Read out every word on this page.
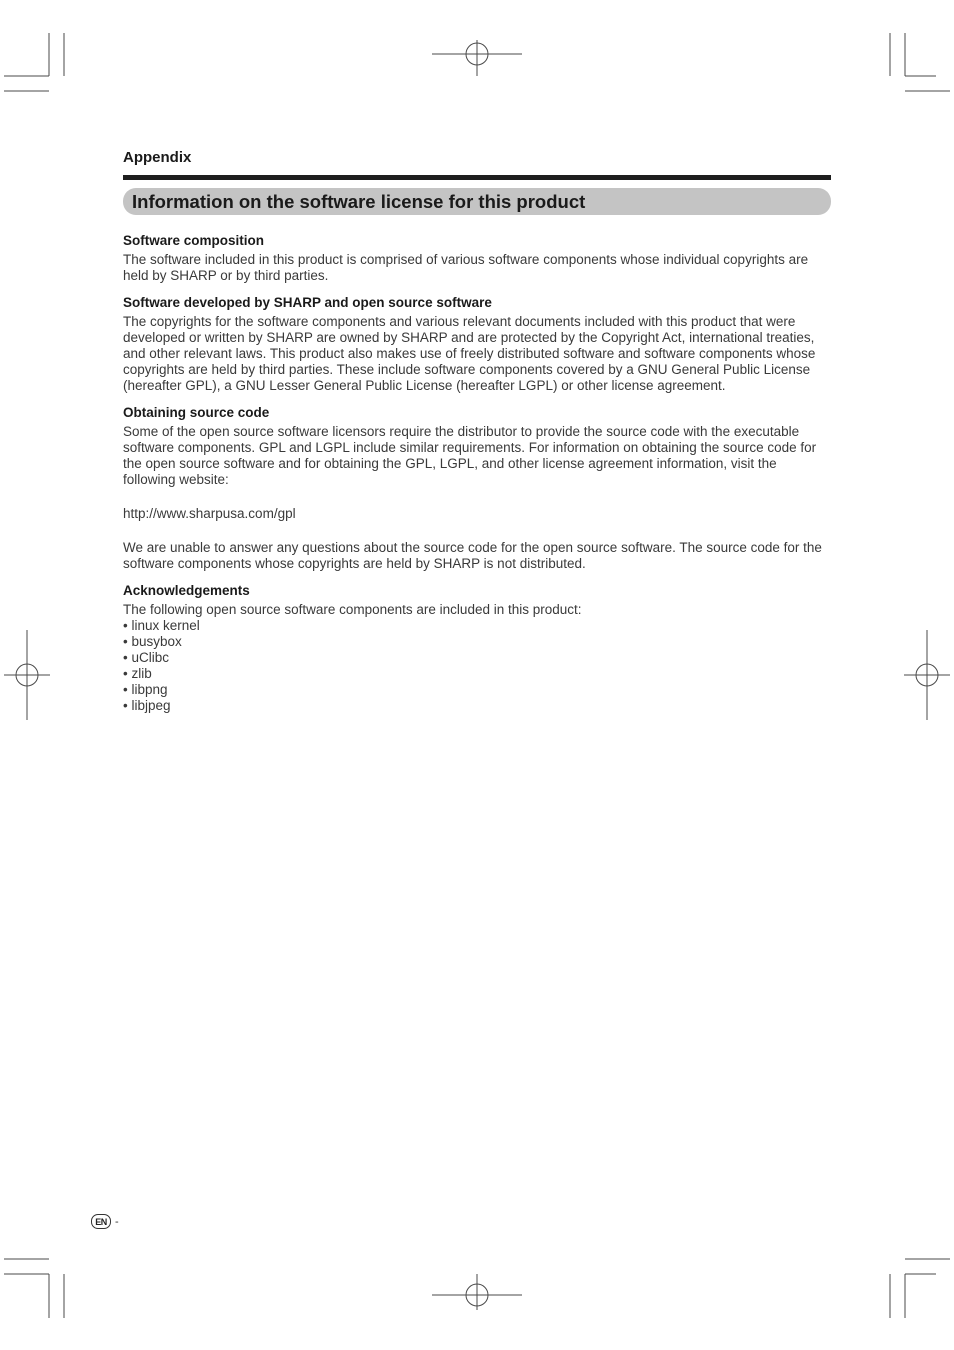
Appendix

Information on the software license for this product

Software composition

The software included in this product is comprised of various software components whose individual copyrights are held by SHARP or by third parties.

Software developed by SHARP and open source software

The copyrights for the software components and various relevant documents included with this product that were developed or written by SHARP are owned by SHARP and are protected by the Copyright Act, international treaties, and other relevant laws. This product also makes use of freely distributed software and software components whose copyrights are held by third parties. These include software components covered by a GNU General Public License (hereafter GPL), a GNU Lesser General Public License (hereafter LGPL) or other license agreement.

Obtaining source code

Some of the open source software licensors require the distributor to provide the source code with the executable software components. GPL and LGPL include similar requirements. For information on obtaining the source code for the open source software and for obtaining the GPL, LGPL, and other license agreement information, visit the following website:

http://www.sharpusa.com/gpl

We are unable to answer any questions about the source code for the open source software. The source code for the software components whose copyrights are held by SHARP is not distributed.

Acknowledgements

The following open source software components are included in this product:

• linux kernel
• busybox
• uClibc
• zlib
• libpng
• libjpeg
EN -
